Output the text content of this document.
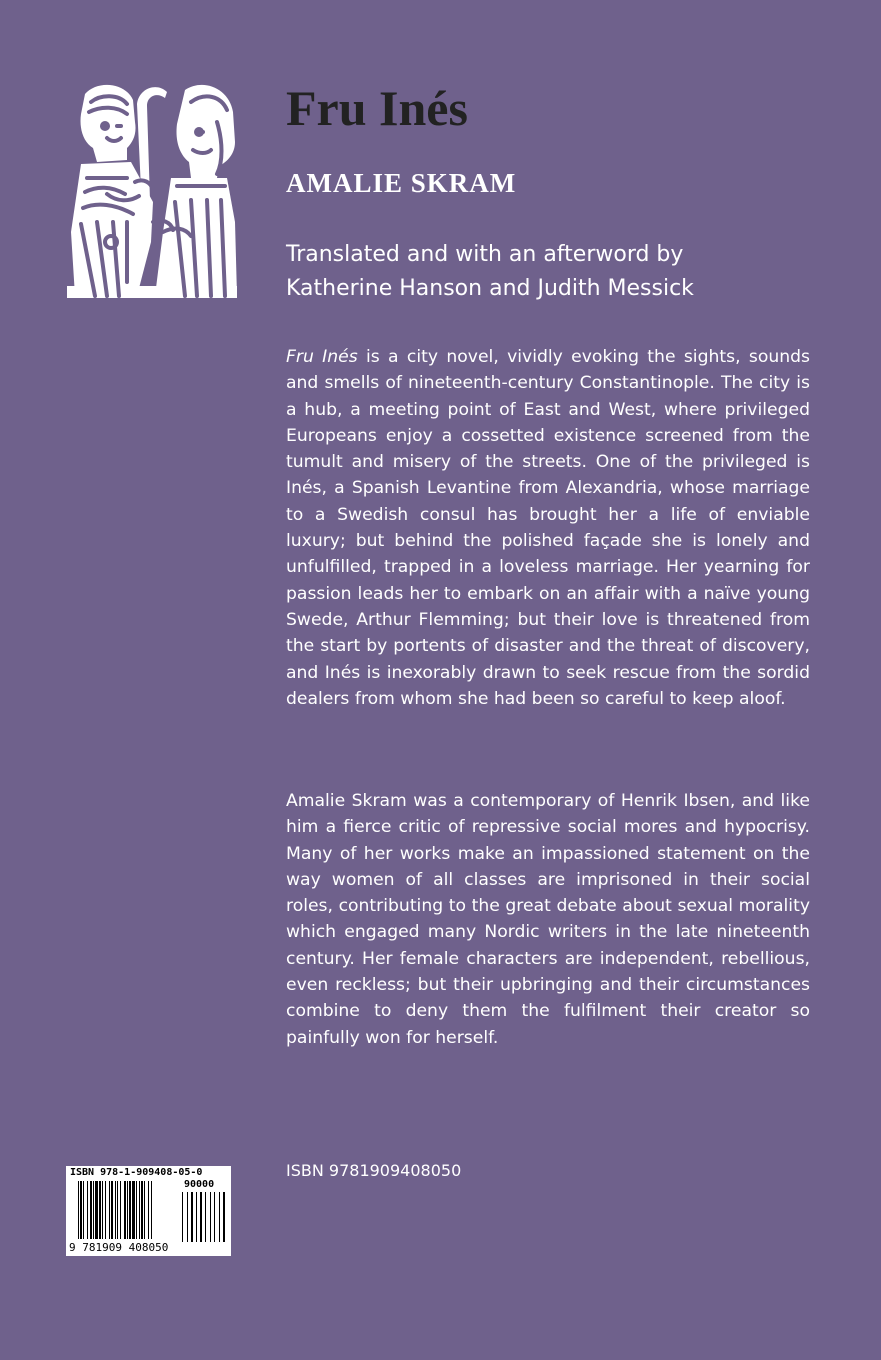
Fru Inés
AMALIE SKRAM

Translated and with an afterword by
Katherine Hanson and Judith Messick

Fru Inés is a city novel, vividly evoking the sights, sounds and smells of nineteenth-century Constantinople. The city is a hub, a meeting point of East and West, where privileged Europeans enjoy a cossetted existence screened from the tumult and misery of the streets. One of the privileged is Inés, a Spanish Levantine from Alexandria, whose marriage to a Swedish consul has brought her a life of enviable luxury; but behind the polished façade she is lonely and unfulfilled, trapped in a loveless marriage. Her yearning for passion leads her to embark on an affair with a naïve young Swede, Arthur Flemming; but their love is threatened from the start by portents of disaster and the threat of discovery, and Inés is inexorably drawn to seek rescue from the sordid dealers from whom she had been so careful to keep aloof.

Amalie Skram was a contemporary of Henrik Ibsen, and like him a fierce critic of repressive social mores and hypocrisy. Many of her works make an impassioned statement on the way women of all classes are imprisoned in their social roles, contributing to the great debate about sexual morality which engaged many Nordic writers in the late nineteenth century. Her female characters are independent, rebellious, even reckless; but their upbringing and their circumstances combine to deny them the fulfilment their creator so painfully won for herself.

ISBN 978-1-909408-05-0
90000
9 781909 408050

ISBN 9781909408050
